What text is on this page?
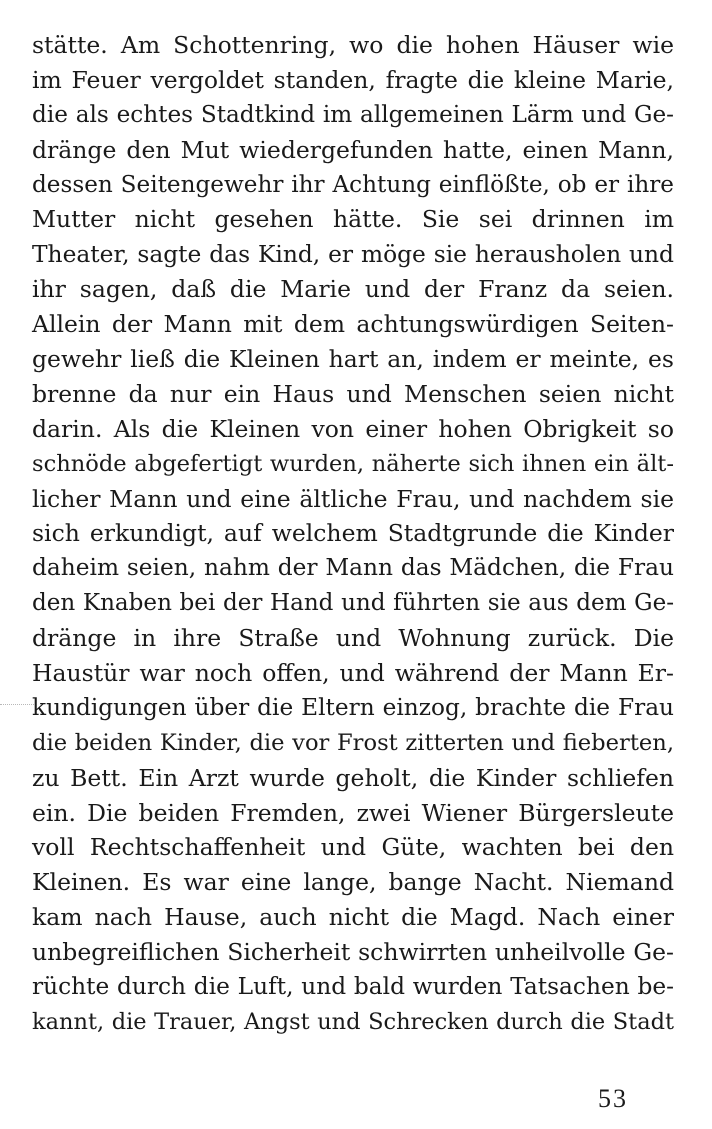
stätte. Am Schottenring, wo die hohen Häuser wie
im Feuer vergoldet standen, fragte die kleine Marie,
die als echtes Stadtkind im allgemeinen Lärm und Ge-
dränge den Mut wiedergefunden hatte, einen Mann,
dessen Seitengewehr ihr Achtung einflößte, ob er ihre
Mutter nicht gesehen hätte. Sie sei drinnen im
Theater, sagte das Kind, er möge sie herausholen und
ihr sagen, daß die Marie und der Franz da seien.
Allein der Mann mit dem achtungswürdigen Seiten-
gewehr ließ die Kleinen hart an, indem er meinte, es
brenne da nur ein Haus und Menschen seien nicht
darin. Als die Kleinen von einer hohen Obrigkeit so
schnöde abgefertigt wurden, näherte sich ihnen ein ält-
licher Mann und eine ältliche Frau, und nachdem sie
sich erkundigt, auf welchem Stadtgrunde die Kinder
daheim seien, nahm der Mann das Mädchen, die Frau
den Knaben bei der Hand und führten sie aus dem Ge-
dränge in ihre Straße und Wohnung zurück. Die
Haustür war noch offen, und während der Mann Er-
kundigungen über die Eltern einzog, brachte die Frau
die beiden Kinder, die vor Frost zitterten und fieberten,
zu Bett. Ein Arzt wurde geholt, die Kinder schliefen
ein. Die beiden Fremden, zwei Wiener Bürgersleute
voll Rechtschaffenheit und Güte, wachten bei den
Kleinen. Es war eine lange, bange Nacht. Niemand
kam nach Hause, auch nicht die Magd. Nach einer
unbegreiflichen Sicherheit schwirrten unheilvolle Ge-
rüchte durch die Luft, und bald wurden Tatsachen be-
kannt, die Trauer, Angst und Schrecken durch die Stadt
53
